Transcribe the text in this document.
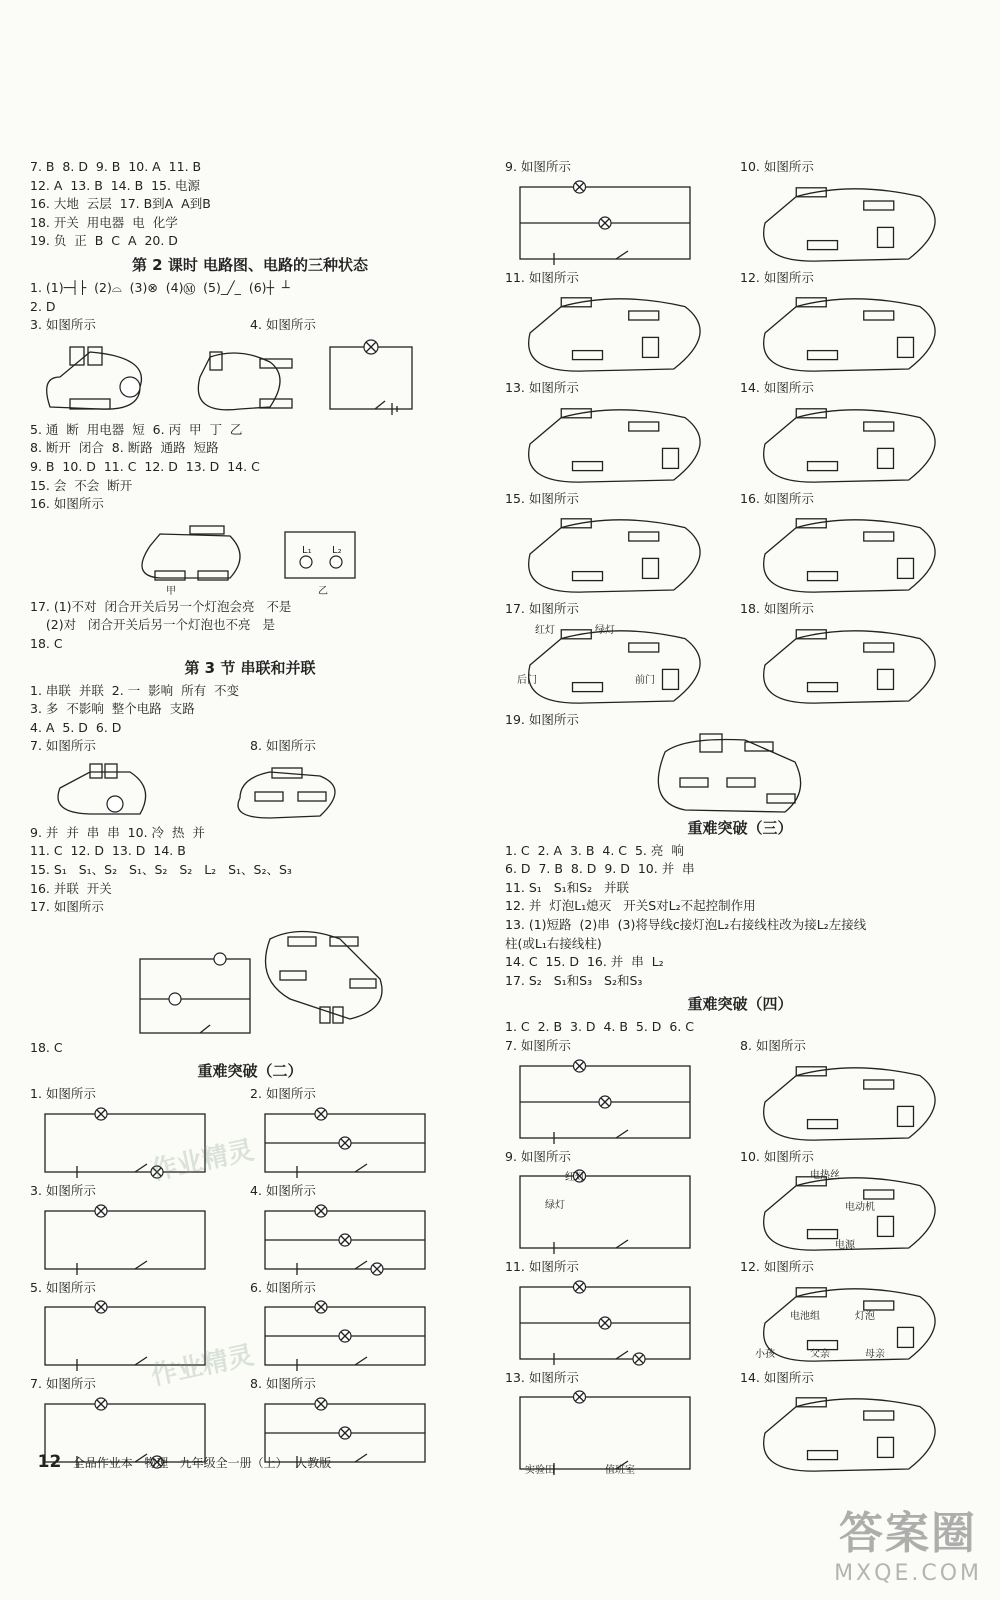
7. B  8. D  9. B  10. A  11. B
12. A  13. B  14. B  15. 电源
16. 大地  云层  17. B到A  A到B
18. 开关  用电器  电  化学
19. 负  正  B  C  A  20. D
第 2 课时 电路图、电路的三种状态
1. (1)─┤├  (2)⌓  (3)⊗  (4)Ⓜ  (5)_╱_  (6)┼  ┴
2. D
3. 如图所示	4. 如图所示
5. 通  断  用电器  短  6. 丙  甲  丁  乙
8. 断开  闭合  8. 断路  通路  短路
9. B  10. D  11. C  12. D  13. D  14. C
15. 会  不会  断开
16. 如图所示
甲
L₁ L₂
乙
17. (1)不对  闭合开关后另一个灯泡会亮   不是
(2)对   闭合开关后另一个灯泡也不亮   是
18. C
第 3 节 串联和并联
1. 串联  并联  2. 一  影响  所有  不变
3. 多  不影响  整个电路  支路
4. A  5. D  6. D
7. 如图所示	8. 如图所示
9. 并  并  串  串  10. 冷  热  并
11. C  12. D  13. D  14. B
15. S₁   S₁、S₂   S₁、S₂   S₂   L₂   S₁、S₂、S₃
16. 并联  开关
17. 如图所示
18. C
重难突破（二）
1. 如图所示	2. 如图所示
3. 如图所示	4. 如图所示
5. 如图所示	6. 如图所示
7. 如图所示	8. 如图所示
9. 如图所示	10. 如图所示
11. 如图所示	12. 如图所示
13. 如图所示	14. 如图所示
15. 如图所示	16. 如图所示
17. 如图所示
红灯	绿灯
后门	前门
18. 如图所示
19. 如图所示
重难突破（三）
1. C  2. A  3. B  4. C  5. 亮  响
6. D  7. B  8. D  9. D  10. 并  串
11. S₁   S₁和S₂   并联
12. 并  灯泡L₁熄灭   开关S对L₂不起控制作用
13. (1)短路  (2)串  (3)将导线c接灯泡L₂右接线柱改为接L₂左接线
柱(或L₁右接线柱)
14. C  15. D  16. 并  串  L₂
17. S₂   S₁和S₃   S₂和S₃
重难突破（四）
1. C  2. B  3. D  4. B  5. D  6. C
7. 如图所示	8. 如图所示
9. 如图所示
红灯
绿灯
10. 如图所示
电热丝
电动机
电源
11. 如图所示	12. 如图所示
小孩	父亲	母亲
电池组	灯泡
13. 如图所示
实验田	值班室
14. 如图所示

12 全品作业本   物理   九年级全一册（上）  人教版

作业精灵
作业精灵
答案圈
MXQE.COM
